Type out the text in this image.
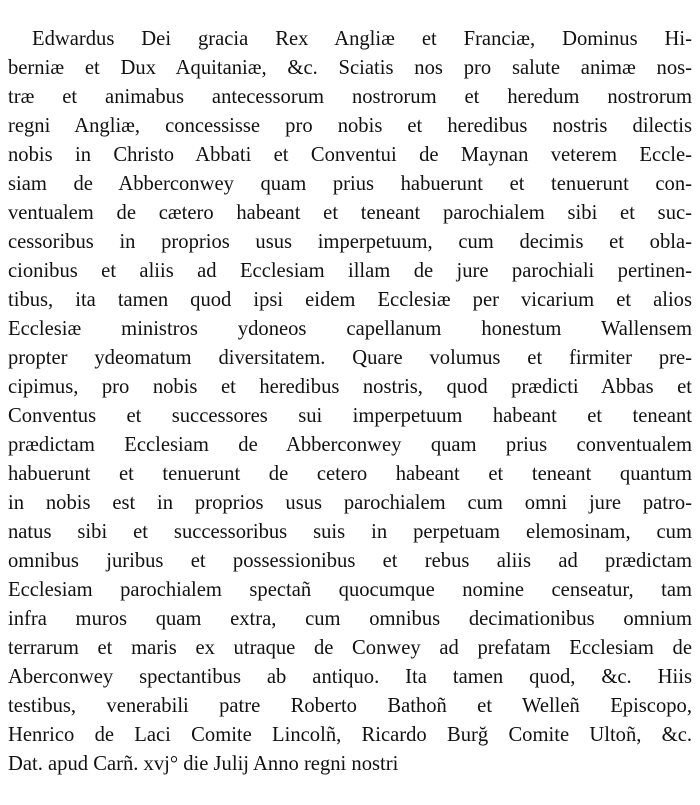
Edwardus Dei gracia Rex Angliæ et Franciæ, Dominus Hi-
berniæ et Dux Aquitaniæ, &c. Sciatis nos pro salute animæ nos-
træ et animabus antecessorum nostrorum et heredum nostrorum
regni Angliæ, concessisse pro nobis et heredibus nostris dilectis
nobis in Christo Abbati et Conventui de Maynan veterem Eccle-
siam de Abberconwey quam prius habuerunt et tenuerunt con-
ventualem de cætero habeant et teneant parochialem sibi et suc-
cessoribus in proprios usus imperpetuum, cum decimis et obla-
cionibus et aliis ad Ecclesiam illam de jure parochiali pertinen-
tibus, ita tamen quod ipsi eidem Ecclesiæ per vicarium et alios
Ecclesiæ ministros ydoneos capellanum honestum Wallensem
propter ydeomatum diversitatem. Quare volumus et firmiter pre-
cipimus, pro nobis et heredibus nostris, quod prædicti Abbas et
Conventus et successores sui imperpetuum habeant et teneant
prædictam Ecclesiam de Abberconwey quam prius conventualem
habuerunt et tenuerunt de cetero habeant et teneant quantum
in nobis est in proprios usus parochialem cum omni jure patro-
natus sibi et successoribus suis in perpetuam elemosinam, cum
omnibus juribus et possessionibus et rebus aliis ad prædictam
Ecclesiam parochialem spectañ quocumque nomine censeatur, tam
infra muros quam extra, cum omnibus decimationibus omnium
terrarum et maris ex utraque de Conwey ad prefatam Ecclesiam de
Aberconwey spectantibus ab antiquo. Ita tamen quod, &c. Hiis
testibus, venerabili patre Roberto Bathoñ et Welleñ Episcopo,
Henrico de Laci Comite Lincolñ, Ricardo Burğ Comite Ultoñ, &c.
Dat. apud Carñ. xvj° die Julij Anno regni nostri
